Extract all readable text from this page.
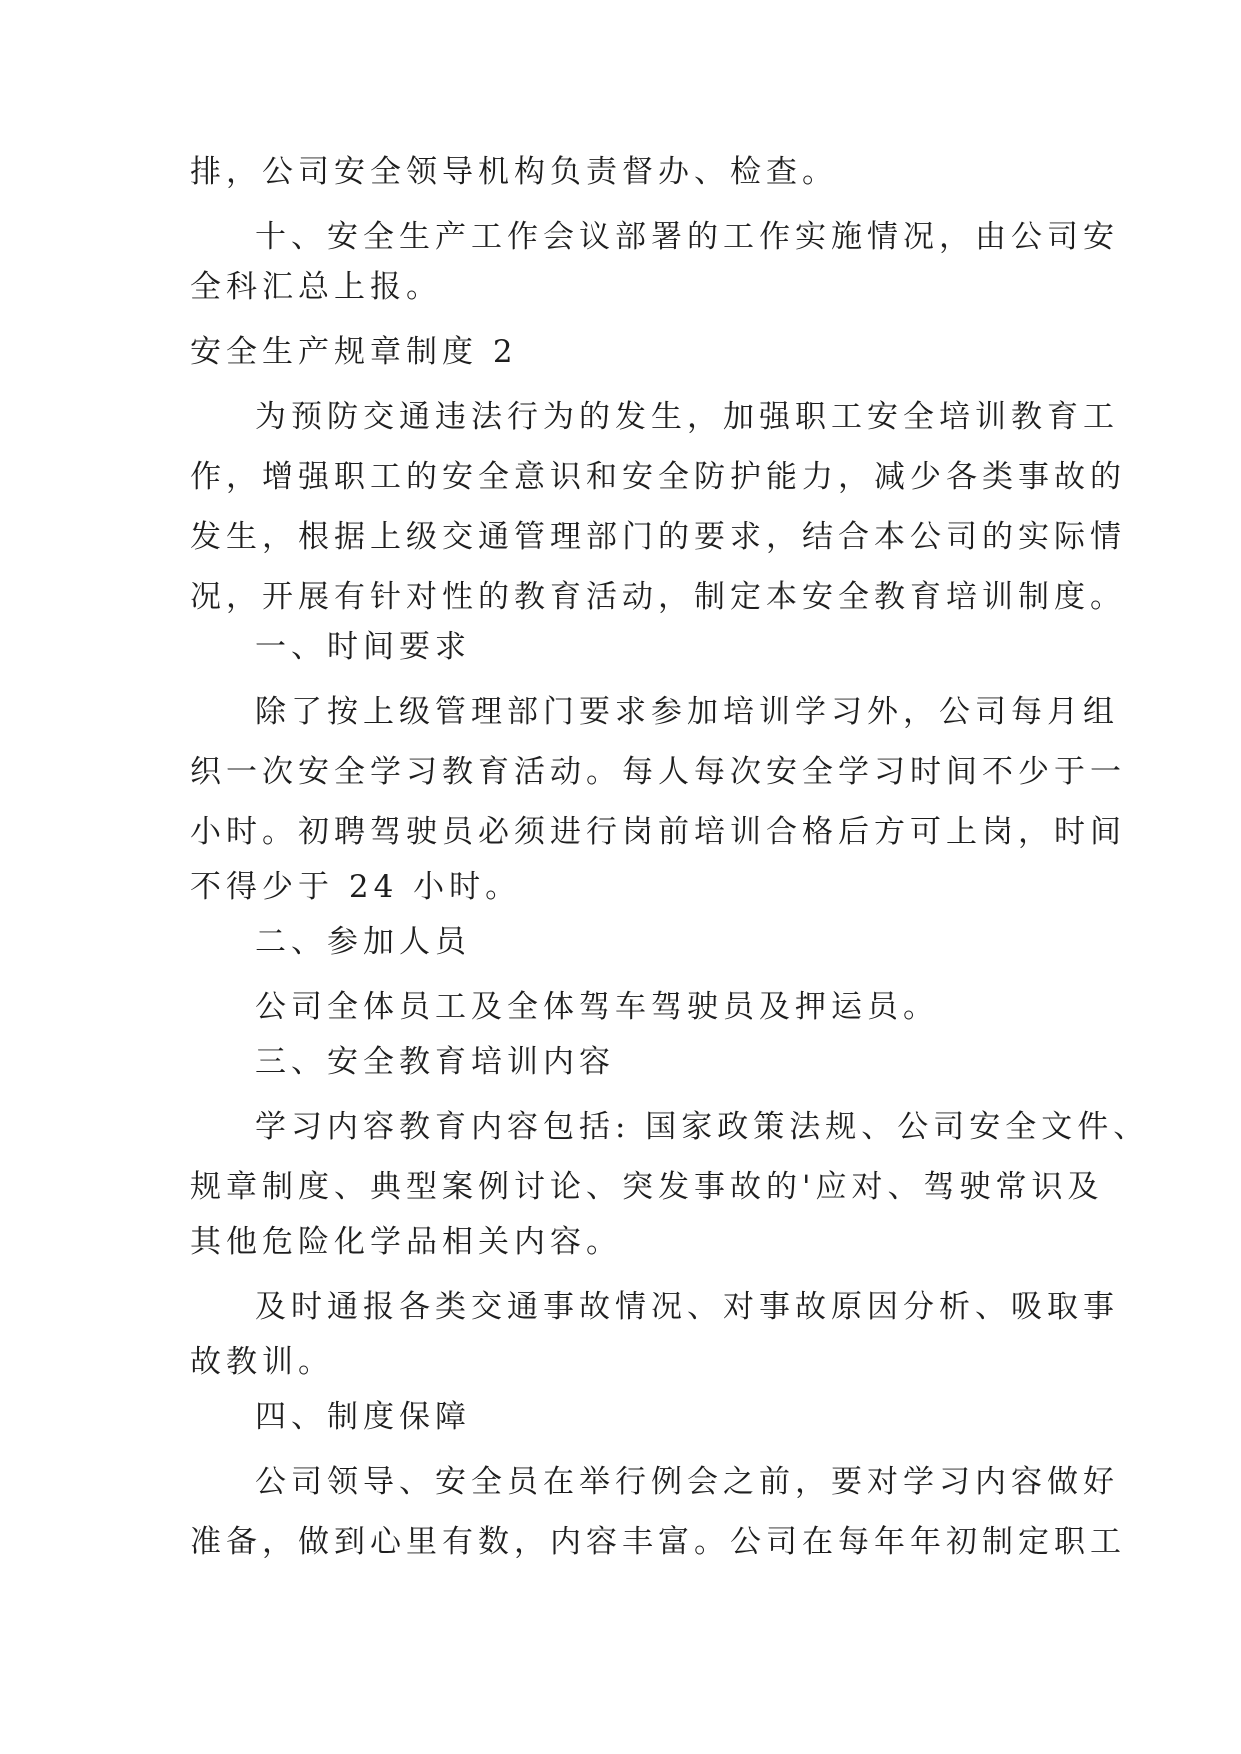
排，公司安全领导机构负责督办、检查。
十、安全生产工作会议部署的工作实施情况，由公司安
全科汇总上报。
安全生产规章制度 2
为预防交通违法行为的发生，加强职工安全培训教育工
作，增强职工的安全意识和安全防护能力，减少各类事故的
发生，根据上级交通管理部门的要求，结合本公司的实际情
况，开展有针对性的教育活动，制定本安全教育培训制度。
一、时间要求
除了按上级管理部门要求参加培训学习外，公司每月组
织一次安全学习教育活动。每人每次安全学习时间不少于一
小时。初聘驾驶员必须进行岗前培训合格后方可上岗，时间
不得少于 24 小时。
二、参加人员
公司全体员工及全体驾车驾驶员及押运员。
三、安全教育培训内容
学习内容教育内容包括: 国家政策法规、公司安全文件、
规章制度、典型案例讨论、突发事故的'应对、驾驶常识及
其他危险化学品相关内容。
及时通报各类交通事故情况、对事故原因分析、吸取事
故教训。
四、制度保障
公司领导、安全员在举行例会之前，要对学习内容做好
准备，做到心里有数，内容丰富。公司在每年年初制定职工
